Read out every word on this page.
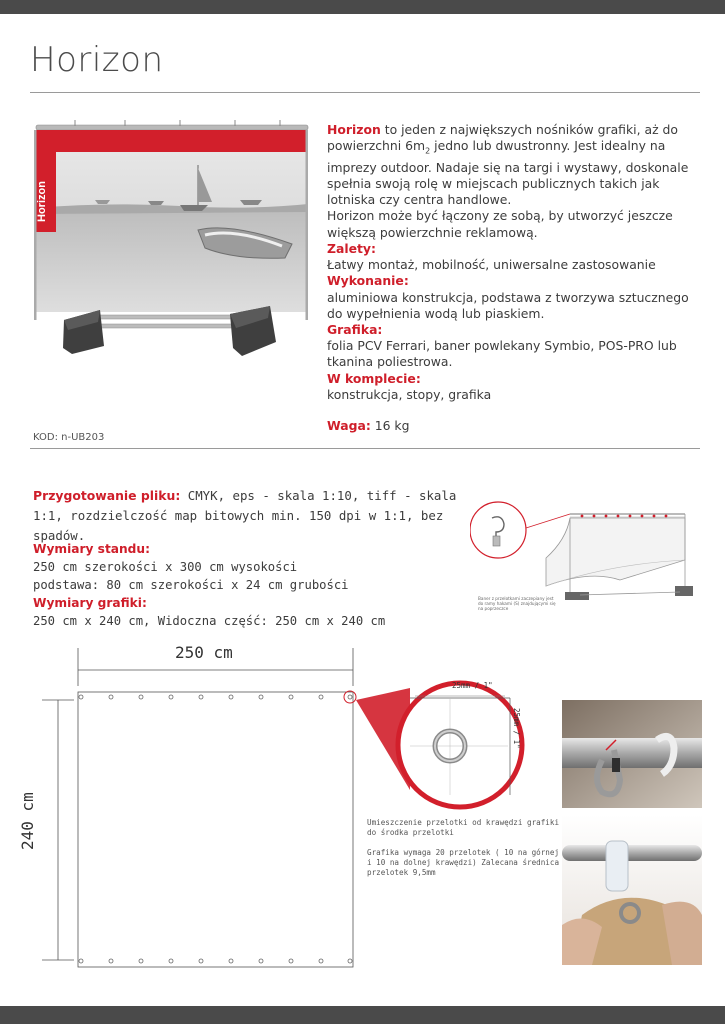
Horizon
Horizon
Horizon to jeden z największych nośników grafiki, aż do powierzchni $6m_2$ jedno lub dwustronny. Jest idealny na imprezy outdoor. Nadaje się na targi i wystawy, doskonale spełnia swoją rolę w miejscach publicznych takich jak lotniska czy centra handlowe.
Horizon może być łączony ze sobą, by utworzyć jeszcze większą powierzchnie reklamową.
Zalety:
Łatwy montaż, mobilność, uniwersalne zastosowanie
Wykonanie:
aluminiowa konstrukcja, podstawa z tworzywa sztucznego do wypełnienia wodą lub piaskiem.
Grafika:
folia PCV Ferrari, baner powlekany Symbio, POS-PRO lub tkanina poliestrowa.
W komplecie:
konstrukcja, stopy, grafika
Waga: 16 kg
KOD: n-UB203
Przygotowanie pliku: CMYK, eps - skala 1:10, tiff - skala 1:1, rozdzielczość map bitowych min. 150 dpi w 1:1, bez spadów.
Wymiary standu:
250 cm szerokości x 300 cm wysokości
podstawa: 80 cm szerokości x 24 cm grubości
Wymiary grafiki:
250 cm x 240 cm, Widoczna część: 250 cm x 240 cm
Baner z przelotkami zaczepiany jest do ramy hakami (S) znajdującymi się na poprzeczce
250 cm
240 cm
25mm / 1"
25mm / 1"
Umieszczenie przelotki od krawędzi grafiki do środka przelotki
Grafika wymaga 20 przelotek ( 10 na górnej i 10 na dolnej krawędzi) Zalecana średnica przelotek 9,5mm
